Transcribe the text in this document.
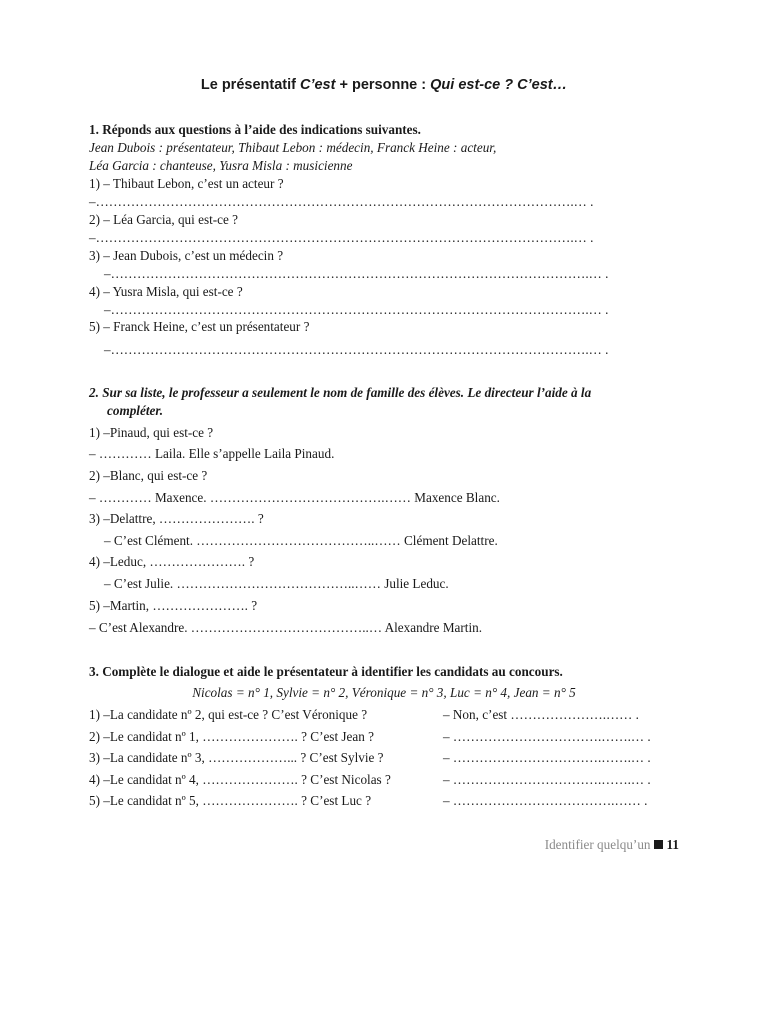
Le présentatif C’est + personne : Qui est-ce ? C’est…
1. Réponds aux questions à l’aide des indications suivantes.
Jean Dubois : présentateur, Thibaut Lebon : médecin, Franck Heine : acteur,
Léa Garcia : chanteuse, Yusra Misla : musicienne
1) – Thibaut Lebon, c’est un acteur ?
–……………………………………………………………………………………………….… .
2) – Léa Garcia, qui est-ce ?
–……………………………………………………………………………………………….… .
3) – Jean Dubois, c’est un médecin ?
–……………………………………………………………………………………………….… .
4) – Yusra Misla, qui est-ce ?
–……………………………………………………………………………………………….… .
5) – Franck Heine, c’est un présentateur ?
–……………………………………………………………………………………………….… .
2. Sur sa liste, le professeur a seulement le nom de famille des élèves. Le directeur l’aide à la
compléter.
1) –Pinaud, qui est-ce ?
– ………… Laila. Elle s’appelle Laila Pinaud.
2) –Blanc, qui est-ce ?
– ………… Maxence. ………………………………….…… Maxence Blanc.
3) –Delattre, …………………. ?
– C’est Clément. …………………………………..…… Clément Delattre.
4) –Leduc, …………………. ?
– C’est Julie. …………………………………..…… Julie Leduc.
5) –Martin, …………………. ?
– C’est Alexandre. …………………………………..… Alexandre Martin.
3. Complète le dialogue et aide le présentateur à identifier les candidats au concours.
Nicolas = n° 1, Sylvie = n° 2, Véronique = n° 3, Luc = n° 4, Jean = n° 5
1) –La candidate nº 2, qui est-ce ? C’est Véronique ?	– Non, c’est ………………….…… .
2) –Le candidat nº 1, …………………. ? C’est Jean ?	– …………………………….…….… .
3) –La candidate nº 3, ………………... ? C’est Sylvie ?	– …………………………….…….… .
4) –Le candidat nº 4, …………………. ? C’est Nicolas ?	– …………………………….…….… .
5) –Le candidat nº 5, …………………. ? C’est Luc ?	– ……………………………….…… .
Identifier quelqu’un 11
